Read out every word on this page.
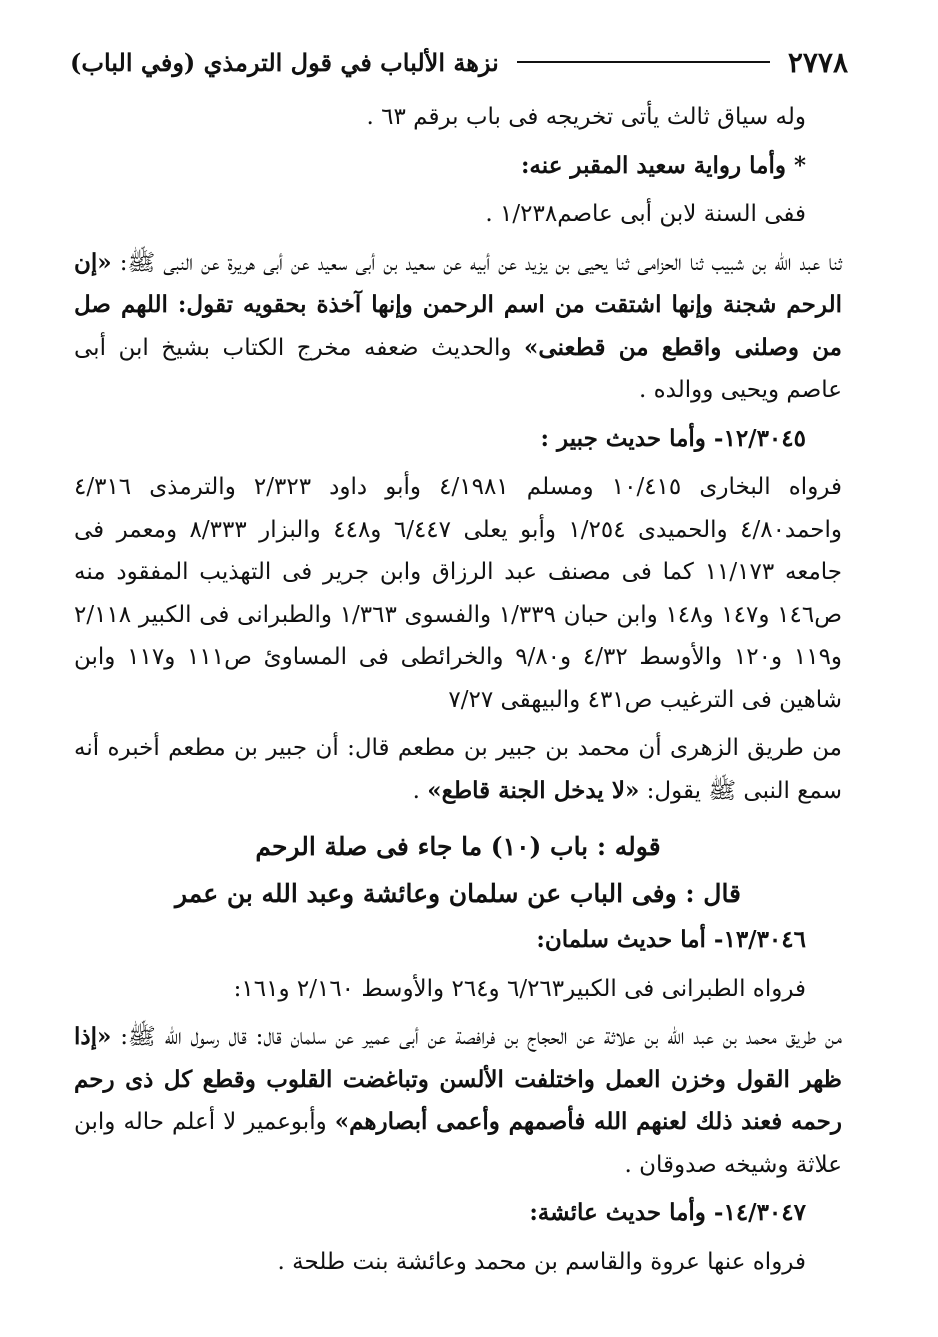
٢٧٧٨
نزهة الألباب في قول الترمذي (وفي الباب)

وله سياق ثالث يأتى تخريجه فى باب برقم ٦٣ .

* وأما رواية سعيد المقبر عنه:

ففى السنة لابن أبى عاصم١/٢٣٨ .

ثنا عبد الله بن شبيب ثنا الحزامى ثنا يحيى بن يزيد عن أبيه عن سعيد بن أبى سعيد عن أبى هريرة عن النبى ﷺ: «إن الرحم شجنة وإنها اشتقت من اسم الرحمن وإنها آخذة بحقويه تقول: اللهم صل من وصلنى واقطع من قطعنى» والحديث ضعفه مخرج الكتاب بشيخ ابن أبى عاصم ويحيى ووالده .

١٢/٣٠٤٥- وأما حديث جبير :

فرواه البخارى ١٠/٤١٥ ومسلم ٤/١٩٨١ وأبو داود ٢/٣٢٣ والترمذى ٤/٣١٦ واحمد٤/٨٠ والحميدى ١/٢٥٤ وأبو يعلى ٦/٤٤٧ و٤٤٨ والبزار ٨/٣٣٣ ومعمر فى جامعه ١١/١٧٣ كما فى مصنف عبد الرزاق وابن جرير فى التهذيب المفقود منه ص١٤٦ و١٤٧ و١٤٨ وابن حبان ١/٣٣٩ والفسوى ١/٣٦٣ والطبرانى فى الكبير ٢/١١٨ و١١٩ و١٢٠ والأوسط ٤/٣٢ و٩/٨٠ والخرائطى فى المساوئ ص١١١ و١١٧ وابن شاهين فى الترغيب ص٤٣١ والبيهقى ٧/٢٧

من طريق الزهرى أن محمد بن جبير بن مطعم قال: أن جبير بن مطعم أخبره أنه سمع النبى ﷺ يقول: «لا يدخل الجنة قاطع» .

قوله : باب (١٠) ما جاء فى صلة الرحم

قال : وفى الباب عن سلمان وعائشة وعبد الله بن عمر

١٣/٣٠٤٦- أما حديث سلمان:

فرواه الطبرانى فى الكبير٦/٢٦٣ و٢٦٤ والأوسط ٢/١٦٠ و١٦١:

من طريق محمد بن عبد الله بن علاثة عن الحجاج بن فرافصة عن أبى عمير عن سلمان قال: قال رسول الله ﷺ: «إذا ظهر القول وخزن العمل واختلفت الألسن وتباغضت القلوب وقطع كل ذى رحم رحمه فعند ذلك لعنهم الله فأصمهم وأعمى أبصارهم» وأبوعمير لا أعلم حاله وابن علاثة وشيخه صدوقان .

١٤/٣٠٤٧- وأما حديث عائشة:

فرواه عنها عروة والقاسم بن محمد وعائشة بنت طلحة .
